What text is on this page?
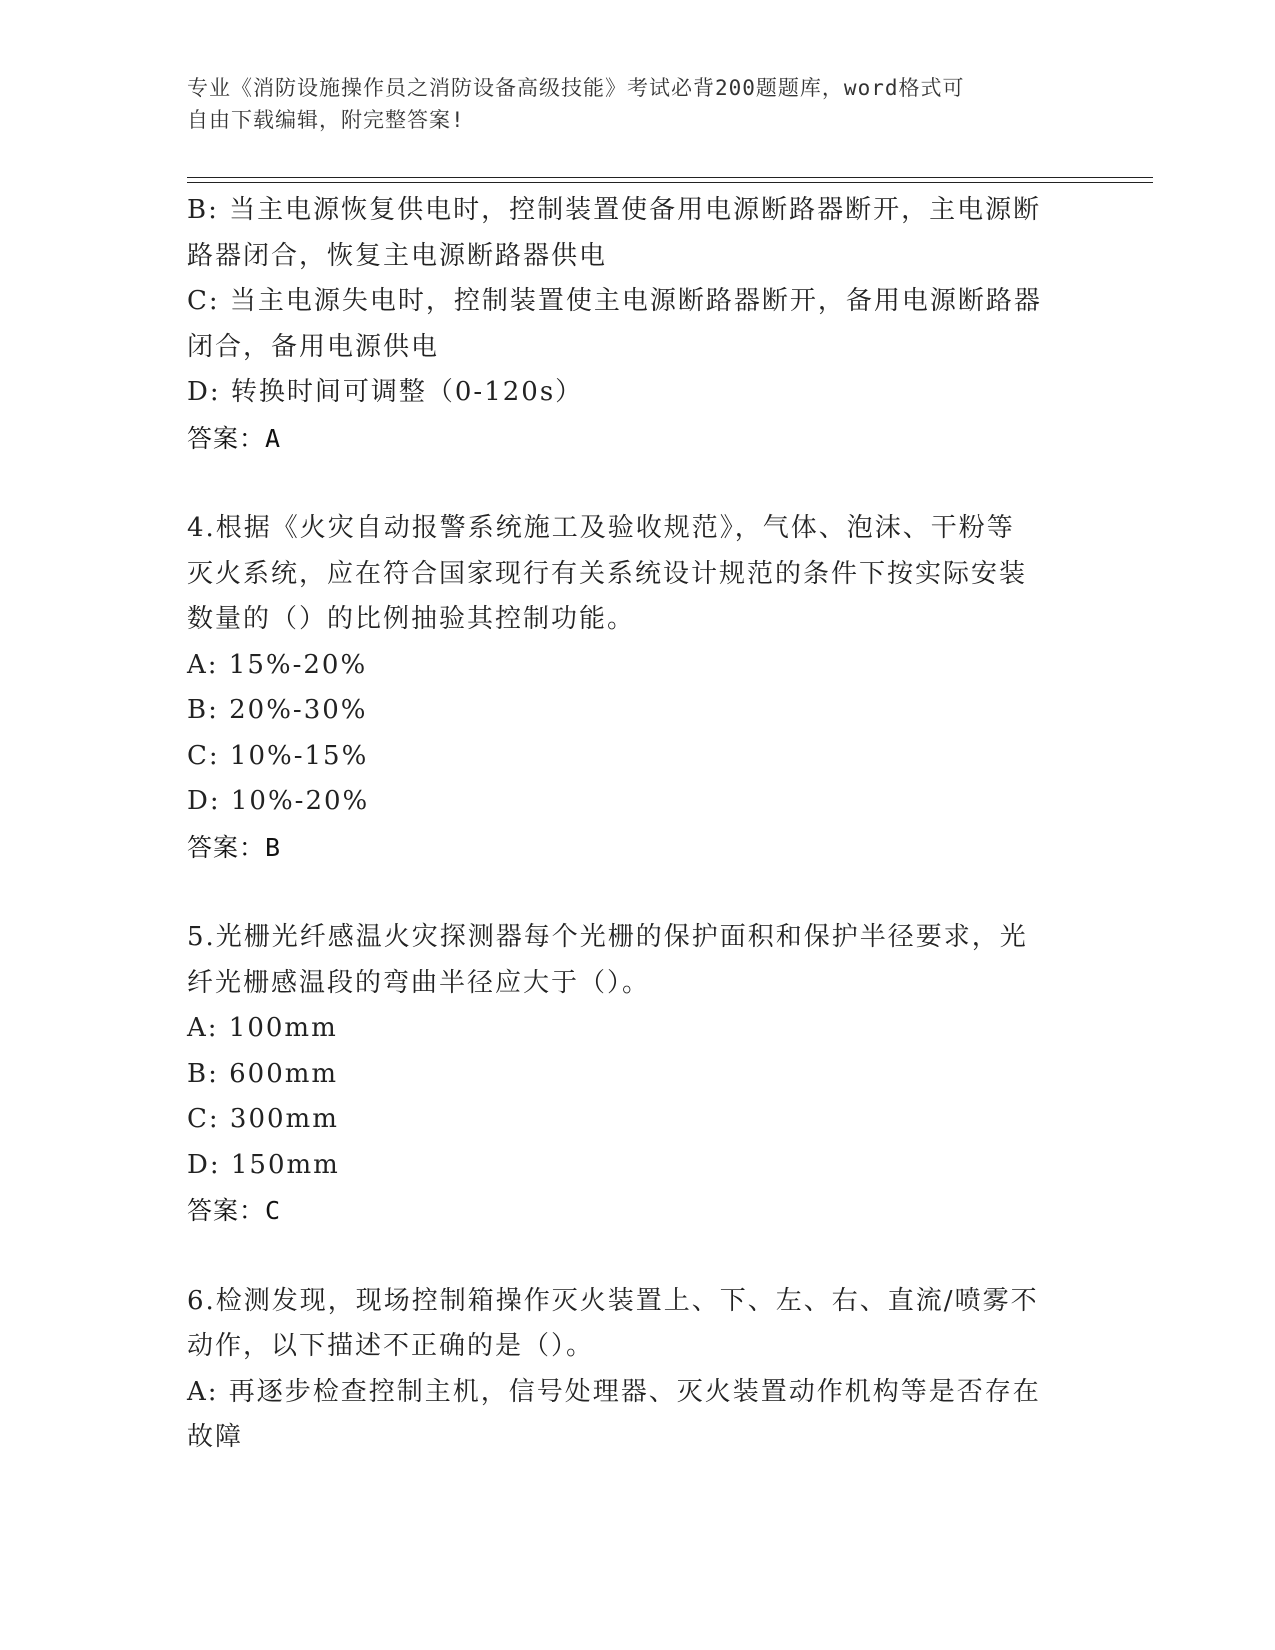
专业《消防设施操作员之消防设备高级技能》考试必背200题题库，word格式可
自由下载编辑，附完整答案!
B: 当主电源恢复供电时，控制装置使备用电源断路器断开，主电源断
路器闭合，恢复主电源断路器供电
C: 当主电源失电时，控制装置使主电源断路器断开，备用电源断路器
闭合，备用电源供电
D: 转换时间可调整（0-120s）
答案：A
4.根据《火灾自动报警系统施工及验收规范》，气体、泡沫、干粉等
灭火系统，应在符合国家现行有关系统设计规范的条件下按实际安装
数量的（）的比例抽验其控制功能。
A: 15%-20%
B: 20%-30%
C: 10%-15%
D: 10%-20%
答案：B
5.光栅光纤感温火灾探测器每个光栅的保护面积和保护半径要求，光
纤光栅感温段的弯曲半径应大于（）。
A: 100mm
B: 600mm
C: 300mm
D: 150mm
答案：C
6.检测发现，现场控制箱操作灭火装置上、下、左、右、直流/喷雾不
动作，以下描述不正确的是（）。
A: 再逐步检查控制主机，信号处理器、灭火装置动作机构等是否存在
故障
